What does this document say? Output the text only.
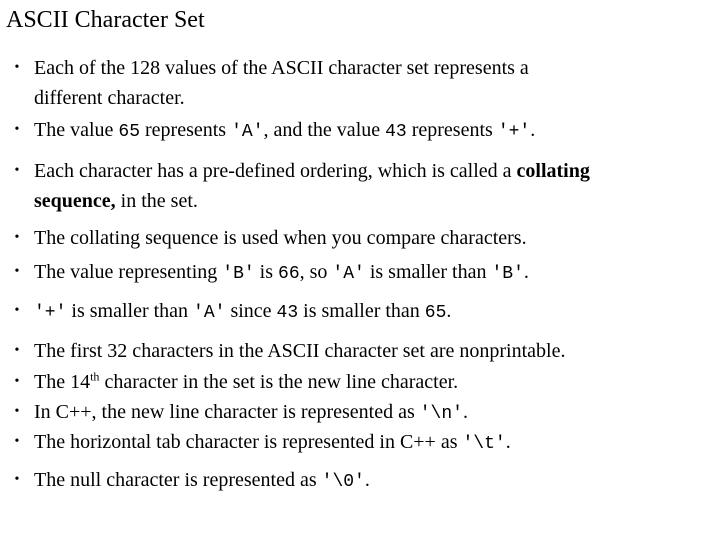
ASCII Character Set
• Each of the 128 values of the ASCII character set represents a
different character.
• The value 65 represents 'A', and the value 43 represents '+'.
• Each character has a pre-defined ordering, which is called a collating
sequence, in the set.
• The collating sequence is used when you compare characters.
• The value representing 'B' is 66, so 'A' is smaller than 'B'.
• '+' is smaller than 'A' since 43 is smaller than 65.
• The first 32 characters in the ASCII character set are nonprintable.
• The 14th character in the set is the new line character.
• In C++, the new line character is represented as '\n'.
• The horizontal tab character is represented in C++ as '\t'.
• The null character is represented as '\0'.
